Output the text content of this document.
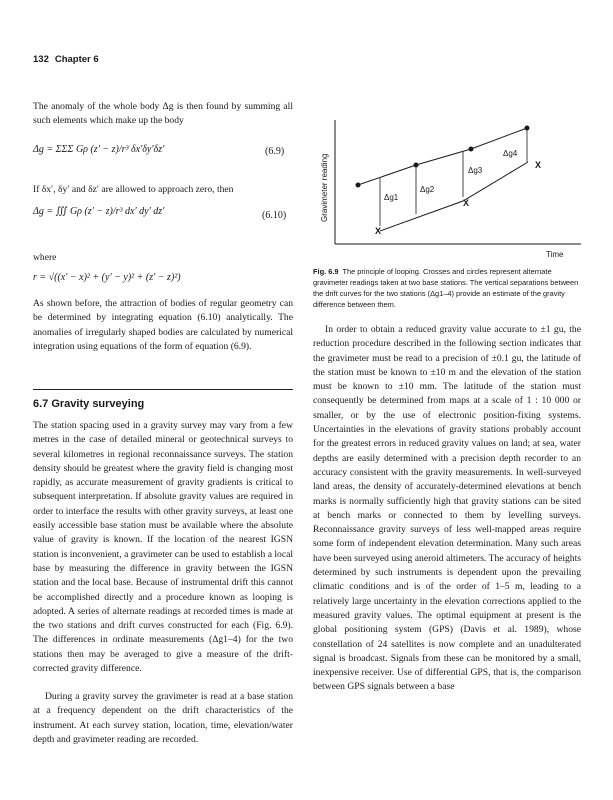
132 Chapter 6

The anomaly of the whole body Δg is then found by summing all such elements which make up the body

Δg = ΣΣΣ Gρ (z′ − z)/r³ δx′δy′δz′	(6.9)

If δx′, δy′ and δz′ are allowed to approach zero, then

Δg = ∭ Gρ (z′ − z)/r³ dx′ dy′ dz′	(6.10)

where

r = √((x′ − x)² + (y′ − y)² + (z′ − z)²)

As shown before, the attraction of bodies of regular geometry can be determined by integrating equation (6.10) analytically. The anomalies of irregularly shaped bodies are calculated by numerical integration using equations of the form of equation (6.9).

6.7 Gravity surveying

The station spacing used in a gravity survey may vary from a few metres in the case of detailed mineral or geotechnical surveys to several kilometres in regional reconnaissance surveys. The station density should be greatest where the gravity field is changing most rapidly, as accurate measurement of gravity gradients is critical to subsequent interpretation. If absolute gravity values are required in order to interface the results with other gravity surveys, at least one easily accessible base station must be available where the absolute value of gravity is known. If the location of the nearest IGSN station is inconvenient, a gravimeter can be used to establish a local base by measuring the difference in gravity between the IGSN station and the local base. Because of instrumental drift this cannot be accomplished directly and a procedure known as looping is adopted. A series of alternate readings at recorded times is made at the two stations and drift curves constructed for each (Fig. 6.9). The differences in ordinate measurements (Δg1–4) for the two stations then may be averaged to give a measure of the drift-corrected gravity difference.

During a gravity survey the gravimeter is read at a base station at a frequency dependent on the drift characteristics of the instrument. At each survey station, location, time, elevation/water depth and gravimeter reading are recorded.

Gravimeter reading
Time
X
X
X
Δg1
Δg2
Δg3
Δg4
Fig. 6.9 The principle of looping. Crosses and circles represent alternate gravimeter readings taken at two base stations. The vertical separations between the drift curves for the two stations (Δg1–4) provide an estimate of the gravity difference between them.

In order to obtain a reduced gravity value accurate to ±1 gu, the reduction procedure described in the following section indicates that the gravimeter must be read to a precision of ±0.1 gu, the latitude of the station must be known to ±10 m and the elevation of the station must be known to ±10 mm. The latitude of the station must consequently be determined from maps at a scale of 1 : 10 000 or smaller, or by the use of electronic position-fixing systems. Uncertainties in the elevations of gravity stations probably account for the greatest errors in reduced gravity values on land; at sea, water depths are easily determined with a precision depth recorder to an accuracy consistent with the gravity measurements. In well-surveyed land areas, the density of accurately-determined elevations at bench marks is normally sufficiently high that gravity stations can be sited at bench marks or connected to them by levelling surveys. Reconnaissance gravity surveys of less well-mapped areas require some form of independent elevation determination. Many such areas have been surveyed using aneroid altimeters. The accuracy of heights determined by such instruments is dependent upon the prevailing climatic conditions and is of the order of 1–5 m, leading to a relatively large uncertainty in the elevation corrections applied to the measured gravity values. The optimal equipment at present is the global positioning system (GPS) (Davis et al. 1989), whose constellation of 24 satellites is now complete and an unadulterated signal is broadcast. Signals from these can be monitored by a small, inexpensive receiver. Use of differential GPS, that is, the comparison between GPS signals between a base
